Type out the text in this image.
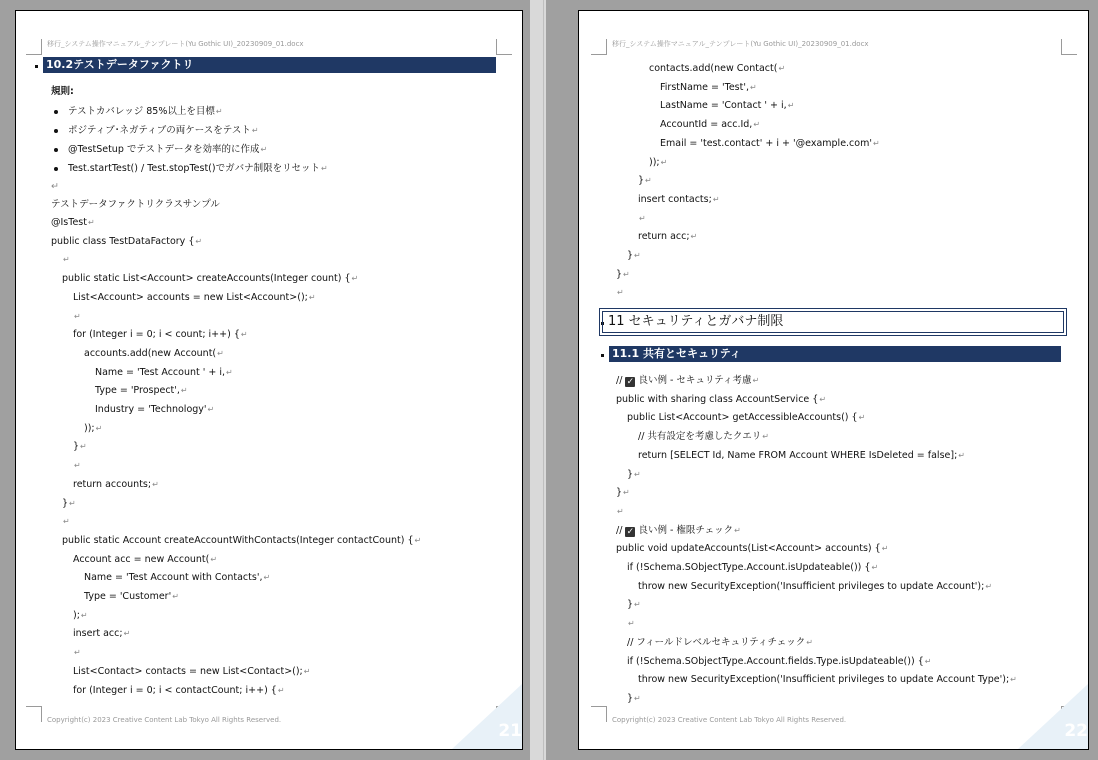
移行_システム操作マニュアル_テンプレート(Yu Gothic UI)_20230909_01.docx
10.2テストデータファクトリ
規則:
テストカバレッジ 85%以上を目標↵
ポジティブ･ネガティブの両ケースをテスト↵
@TestSetup でテストデータを効率的に作成↵
Test.startTest() / Test.stopTest()でガバナ制限をリセット↵
↵
テストデータファクトリクラスサンプル
@IsTest↵
public class TestDataFactory {↵
↵
public static List<Account> createAccounts(Integer count) {↵
List<Account> accounts = new List<Account>();↵
↵
for (Integer i = 0; i < count; i++) {↵
accounts.add(new Account(↵
Name = 'Test Account ' + i,↵
Type = 'Prospect',↵
Industry = 'Technology'↵
));↵
}↵
↵
return accounts;↵
}↵
↵
public static Account createAccountWithContacts(Integer contactCount) {↵
Account acc = new Account(↵
Name = 'Test Account with Contacts',↵
Type = 'Customer'↵
);↵
insert acc;↵
↵
List<Contact> contacts = new List<Contact>();↵
for (Integer i = 0; i < contactCount; i++) {↵
Copyright(c) 2023 Creative Content Lab Tokyo All Rights Reserved.
21
移行_システム操作マニュアル_テンプレート(Yu Gothic UI)_20230909_01.docx
contacts.add(new Contact(↵
FirstName = 'Test',↵
LastName = 'Contact ' + i,↵
AccountId = acc.Id,↵
Email = 'test.contact' + i + '@example.com'↵
));↵
}↵
insert contacts;↵
↵
return acc;↵
}↵
}↵
↵
11 セキュリティとガバナ制限
11.1 共有とセキュリティ
// ✓ 良い例 - セキュリティ考慮↵
public with sharing class AccountService {↵
public List<Account> getAccessibleAccounts() {↵
// 共有設定を考慮したクエリ↵
return [SELECT Id, Name FROM Account WHERE IsDeleted = false];↵
}↵
}↵
↵
// ✓ 良い例 - 権限チェック↵
public void updateAccounts(List<Account> accounts) {↵
if (!Schema.SObjectType.Account.isUpdateable()) {↵
throw new SecurityException('Insufficient privileges to update Account');↵
}↵
↵
// フィールドレベルセキュリティチェック↵
if (!Schema.SObjectType.Account.fields.Type.isUpdateable()) {↵
throw new SecurityException('Insufficient privileges to update Account Type');↵
}↵
Copyright(c) 2023 Creative Content Lab Tokyo All Rights Reserved.
22
